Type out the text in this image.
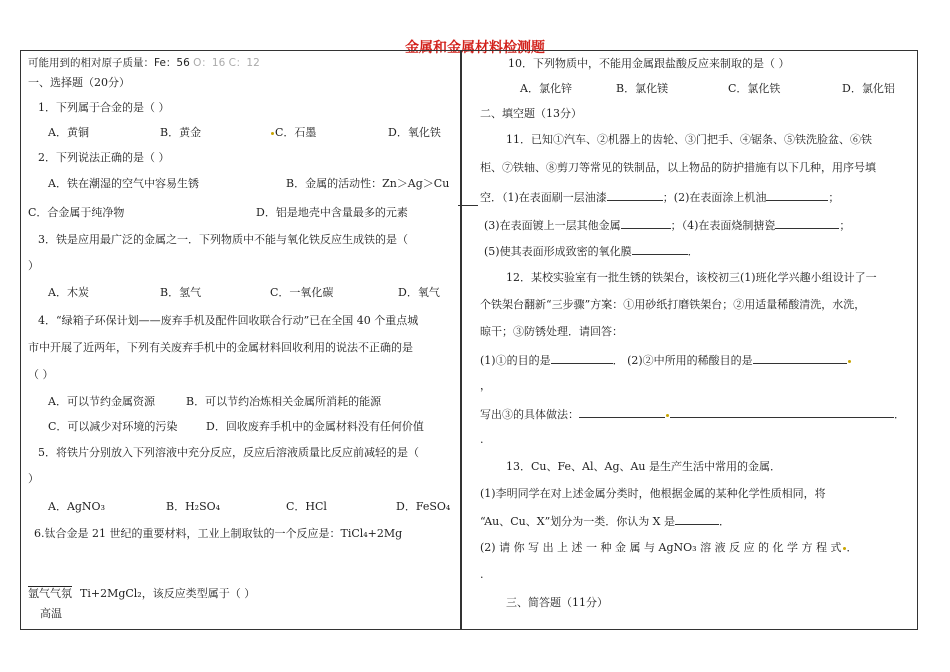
金属和金属材料检测题
可能用到的相对原子质量：Fe：56 O：16 C：12
一、选择题（20分）
1．下列属于合金的是（ ）
A．黄铜	B．黄金	C．石墨	D．氧化铁
2．下列说法正确的是（ ）
A．铁在潮湿的空气中容易生锈	B．金属的活动性：Zn＞Ag＞Cu
C．合金属于纯净物	D．铝是地壳中含量最多的元素
3．铁是应用最广泛的金属之一．下列物质中不能与氧化铁反应生成铁的是（
）
A．木炭	B．氢气	C．一氧化碳	D．氧气
4．“绿箱子环保计划——废弃手机及配件回收联合行动”已在全国 40 个重点城
市中开展了近两年，下列有关废弃手机中的金属材料回收利用的说法不正确的是
（ ）
A．可以节约金属资源	B．可以节约冶炼相关金属所消耗的能源
C．可以减少对环境的污染	D．回收废弃手机中的金属材料没有任何价值
5．将铁片分别放入下列溶液中充分反应，反应后溶液质量比反应前减轻的是（
）
A．AgNO₃	B．H₂SO₄	C．HCl	D．FeSO₄
6.钛合金是 21 世纪的重要材料，工业上制取钛的一个反应是：TiCl₄+2Mg
氩气气氛 Ti+2MgCl₂，该反应类型属于（ ）
高温
10．下列物质中，不能用金属跟盐酸反应来制取的是（ ）
A．氯化锌	B．氯化镁	C．氯化铁	D．氯化铝
二、填空题（13分）
11．已知①汽车、②机器上的齿轮、③门把手、④锯条、⑤铁洗脸盆、⑥铁
柜、⑦铁轴、⑧剪刀等常见的铁制品，以上物品的防护措施有以下几种，用序号填
空．（1)在表面刷一层油漆	；(2)在表面涂上机油	；
(3)在表面镀上一层其他金属	；（4)在表面烧制搪瓷	；
(5)使其表面形成致密的氧化膜	．
12．某校实验室有一批生锈的铁架台，该校初三(1)班化学兴趣小组设计了一
个铁架台翻新“三步骤”方案：①用砂纸打磨铁架台；②用适量稀酸清洗，水洗，
晾干；③防锈处理．请回答：
(1)①的目的是	． (2)②中所用的稀酸目的是
，
写出③的具体做法：	．
.
13．Cu、Fe、Al、Ag、Au 是生产生活中常用的金属．
(1)李明同学在对上述金属分类时，他根据金属的某种化学性质相同，将
“Au、Cu、X”划分为一类．你认为 X 是	．
(2) 请 你 写 出 上 述 一 种 金 属 与 AgNO₃ 溶 液 反 应 的 化 学 方 程 式 ．
.
三、简答题（11分）
